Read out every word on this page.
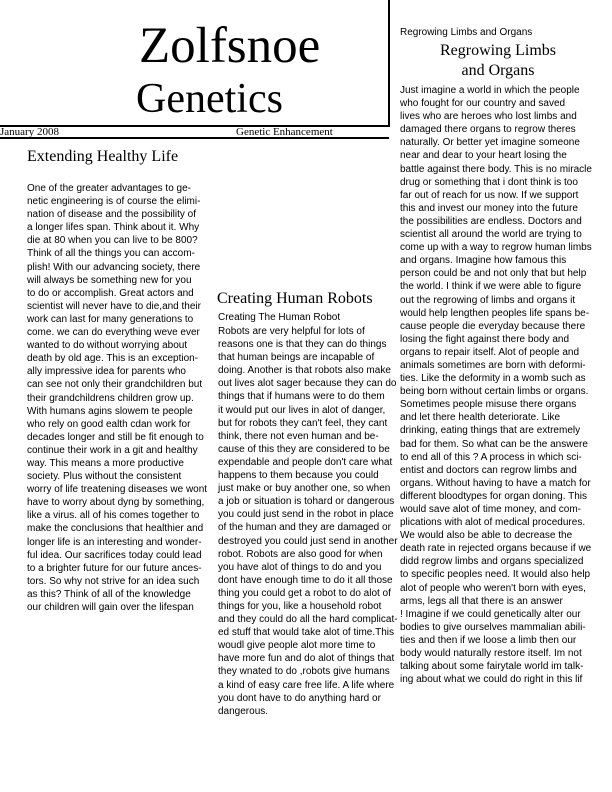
Zolfsnoe
Genetics
January 2008	Genetic Enhancement
Extending Healthy Life
One of the greater advantages to ge-
netic engineering is of course the elimi-
nation of disease and the possibility of
a longer lifes span. Think about it. Why
die at 80 when you can live to be 800?
Think of all the things you can accom-
plish! With our advancing society, there
will always be something new for you
to do or accomplish. Great actors and
scientist will never have to die,and their
work can last for many generations to
come. we can do everything weve ever
wanted to do without worrying about
death by old age. This is an exception-
ally impressive idea for parents who
can see not only their grandchildren but
their grandchildrens children grow up.
With humans agins slowem te people
who rely on good ealth cdan work for
decades longer and still be fit enough to
continue their work in a git and healthy
way. This means a more productive
society. Plus without the consistent
worry of life treatening diseases we wont
have to worry about dyng by something,
like a virus. all of his comes together to
make the conclusions that healthier and
longer life is an interesting and wonder-
ful idea. Our sacrifices today could lead
to a brighter future for our future ances-
tors. So why not strive for an idea such
as this? Think of all of the knowledge
our children will gain over the lifespan
Creating Human Robots
Creating The Human Robot
Robots are very helpful for lots of
reasons one is that they can do things
that human beings are incapable of
doing. Another is that robots also make
out lives alot sager because they can do
things that if humans were to do them
it would put our lives in alot of danger,
but for robots they can't feel, they cant
think, there not even human and be-
cause of this they are considered to be
expendable and people don't care what
happens to them because you could
just make or buy another one, so when
a job or situation is tohard or dangerous
you could just send in the robot in place
of the human and they are damaged or
destroyed you could just send in another
robot. Robots are also good for when
you have alot of things to do and you
dont have enough time to do it all those
thing you could get a robot to do alot of
things for you, like a household robot
and they could do all the hard complicat-
ed stuff that would take alot of time.This
woudl give people alot more time to
have more fun and do alot of things that
they wnated to do ,robots give humans
a kind of easy care free life. A life where
you dont have to do anything hard or
dangerous.
Regrowing Limbs and Organs
Regrowing Limbs
and Organs
Just imagine a world in which the people
who fought for our country and saved
lives who are heroes who lost limbs and
damaged there organs to regrow theres
naturally. Or better yet imagine someone
near and dear to your heart losing the
battle against there body. This is no miracle
drug or something that i dont think is too
far out of reach for us now. If we support
this and invest our money into the future
the possibilities are endless. Doctors and
scientist all around the world are trying to
come up with a way to regrow human limbs
and organs. Imagine how famous this
person could be and not only that but help
the world. I think if we were able to figure
out the regrowing of limbs and organs it
would help lengthen peoples life spans be-
cause people die everyday because there
losing the fight against there body and
organs to repair itself. Alot of people and
animals sometimes are born with deformi-
ties. Like the deformity in a womb such as
being born without certain limbs or organs.
Sometimes people misuse there organs
and let there health deteriorate. Like
drinking, eating things that are extremely
bad for them. So what can be the answere
to end all of this ? A process in which sci-
entist and doctors can regrow limbs and
organs. Without having to have a match for
different bloodtypes for organ doning. This
would save alot of time money, and com-
plications with alot of medical procedures.
We would also be able to decrease the
death rate in rejected organs because if we
didd regrow limbs and organs specialized
to specific peoples need. It would also help
alot of people who weren't born with eyes,
arms, legs all that there is an answer
! Imagine if we could genetically alter our
bodies to give ourselves mammalian abili-
ties and then if we loose a limb then our
body would naturally restore itself. Im not
talking about some fairytale world im talk-
ing about what we could do right in this lif
